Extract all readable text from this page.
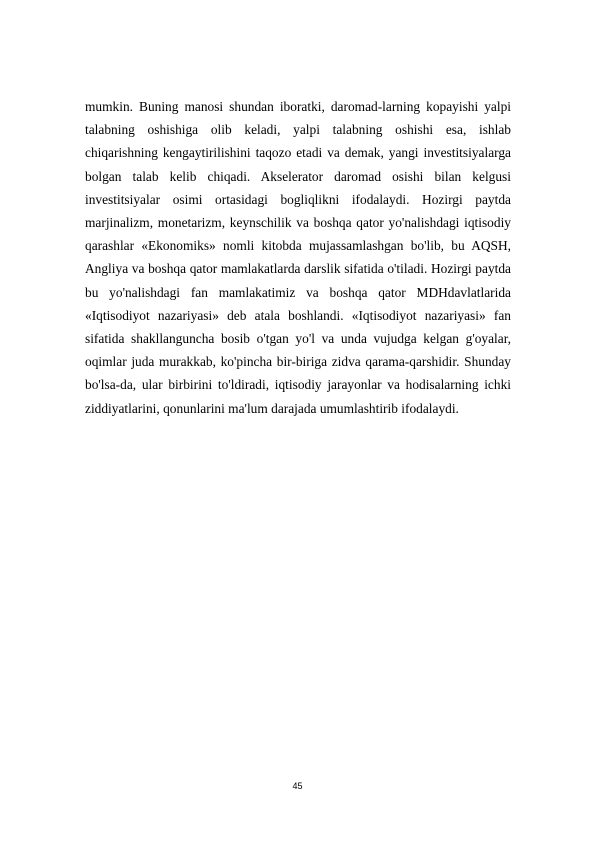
mumkin. Buning manosi shundan iboratki, daromad-larning kopayishi yalpi talabning oshishiga olib keladi, yalpi talabning oshishi esa, ishlab chiqarishning kengaytirilishini taqozo etadi va demak, yangi investitsiyalarga bolgan talab kelib chiqadi. Akselerator daromad osishi bilan kelgusi investitsiyalar osimi ortasidagi bogliqlikni ifodalaydi. Hozirgi paytda marjinalizm, monetarizm, keynschilik va boshqa qator yo'nalishdagi iqtisodiy qarashlar «Ekonomiks» nomli kitobda mujassamlashgan bo'lib, bu AQSH, Angliya va boshqa qator mamlakatlarda darslik sifatida o'tiladi. Hozirgi paytda bu yo'nalishdagi fan mamlakatimiz va boshqa qator MDHdavlatlarida «Iqtisodiyot nazariyasi» deb atala boshlandi. «Iqtisodiyot nazariyasi» fan sifatida shakllanguncha bosib o'tgan yo'l va unda vujudga kelgan g'oyalar, oqimlar juda murakkab, ko'pincha bir-biriga zidva qarama-qarshidir. Shunday bo'lsa-da, ular birbirini to'ldiradi, iqtisodiy jarayonlar va hodisalarning ichki ziddiyatlarini, qonunlarini ma'lum darajada umumlashtirib ifodalaydi.

45
